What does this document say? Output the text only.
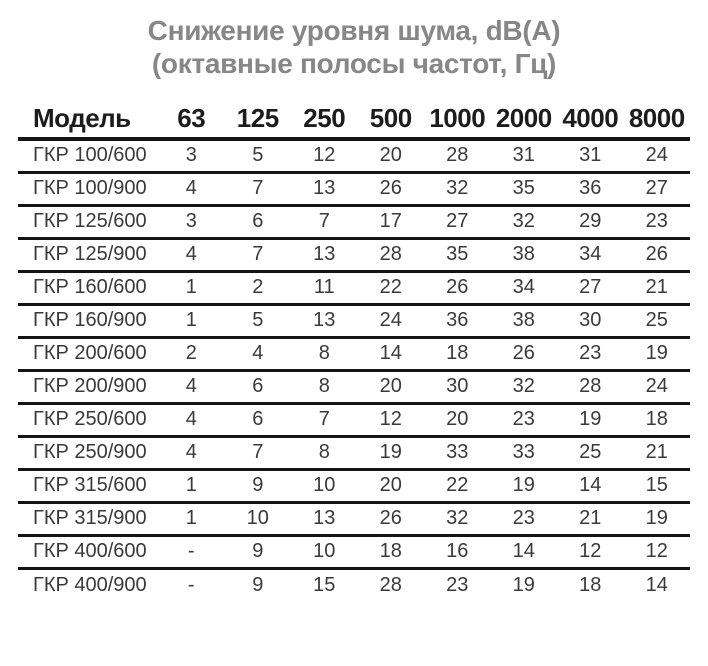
Снижение уровня шума, dB(A)
(октавные полосы частот, Гц)
Модель	63	125	250	500	1000	2000	4000	8000
ГКР 100/600	3	5	12	20	28	31	31	24
ГКР 100/900	4	7	13	26	32	35	36	27
ГКР 125/600	3	6	7	17	27	32	29	23
ГКР 125/900	4	7	13	28	35	38	34	26
ГКР 160/600	1	2	11	22	26	34	27	21
ГКР 160/900	1	5	13	24	36	38	30	25
ГКР 200/600	2	4	8	14	18	26	23	19
ГКР 200/900	4	6	8	20	30	32	28	24
ГКР 250/600	4	6	7	12	20	23	19	18
ГКР 250/900	4	7	8	19	33	33	25	21
ГКР 315/600	1	9	10	20	22	19	14	15
ГКР 315/900	1	10	13	26	32	23	21	19
ГКР 400/600	-	9	10	18	16	14	12	12
ГКР 400/900	-	9	15	28	23	19	18	14
